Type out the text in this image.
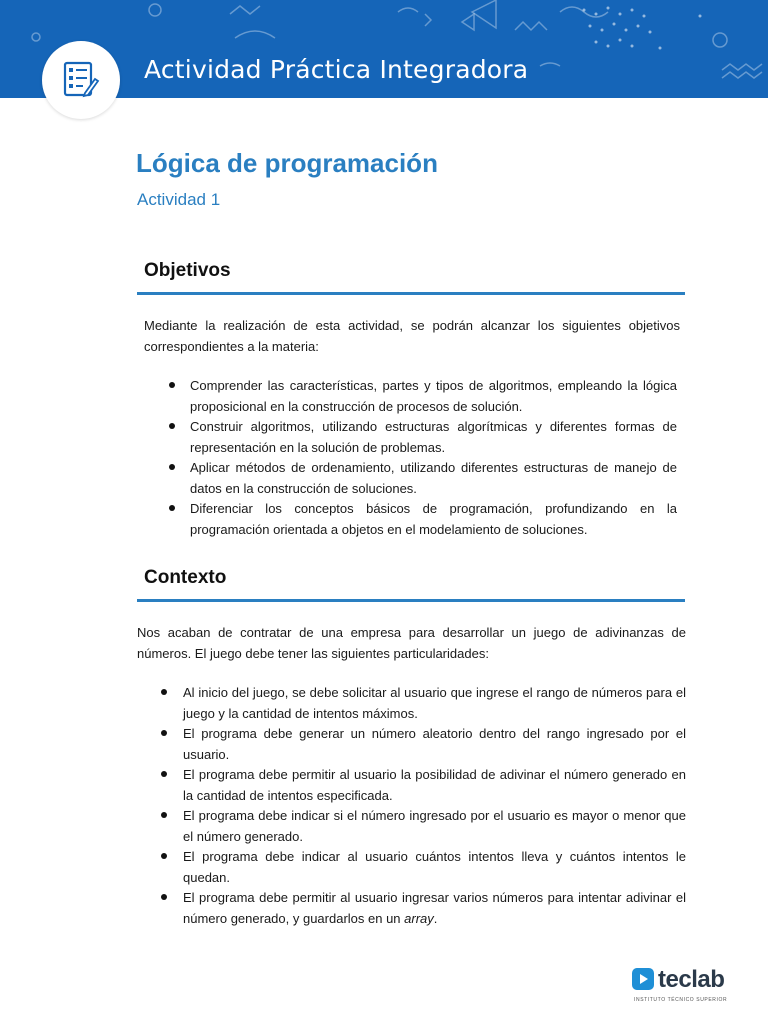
Actividad Práctica Integradora
Lógica de programación
Actividad 1
Objetivos

Mediante la realización de esta actividad, se podrán alcanzar los siguientes objetivos correspondientes a la materia:

Comprender las características, partes y tipos de algoritmos, empleando la lógica proposicional en la construcción de procesos de solución.
Construir algoritmos, utilizando estructuras algorítmicas y diferentes formas de representación en la solución de problemas.
Aplicar métodos de ordenamiento, utilizando diferentes estructuras de manejo de datos en la construcción de soluciones.
Diferenciar los conceptos básicos de programación, profundizando en la programación orientada a objetos en el modelamiento de soluciones.
Contexto

Nos acaban de contratar de una empresa para desarrollar un juego de adivinanzas de números. El juego debe tener las siguientes particularidades:

Al inicio del juego, se debe solicitar al usuario que ingrese el rango de números para el juego y la cantidad de intentos máximos.
El programa debe generar un número aleatorio dentro del rango ingresado por el usuario.
El programa debe permitir al usuario la posibilidad de adivinar el número generado en la cantidad de intentos especificada.
El programa debe indicar si el número ingresado por el usuario es mayor o menor que el número generado.
El programa debe indicar al usuario cuántos intentos lleva y cuántos intentos le quedan.
El programa debe permitir al usuario ingresar varios números para intentar adivinar el número generado, y guardarlos en un array.
teclab
INSTITUTO TÉCNICO SUPERIOR
